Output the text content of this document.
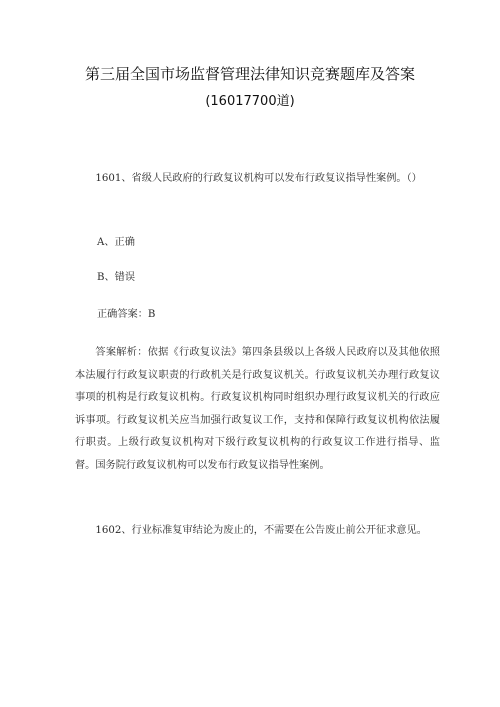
第三届全国市场监督管理法律知识竞赛题库及答案
(16017700道)

1601、省级人民政府的行政复议机构可以发布行政复议指导性案例。（）

A、正确

B、错误

正确答案：B

答案解析：依据《行政复议法》第四条县级以上各级人民政府以及其他依照本法履行行政复议职责的行政机关是行政复议机关。行政复议机关办理行政复议事项的机构是行政复议机构。行政复议机构同时组织办理行政复议机关的行政应诉事项。行政复议机关应当加强行政复议工作，支持和保障行政复议机构依法履行职责。上级行政复议机构对下级行政复议机构的行政复议工作进行指导、监督。国务院行政复议机构可以发布行政复议指导性案例。

1602、行业标准复审结论为废止的，不需要在公告废止前公开征求意见。
